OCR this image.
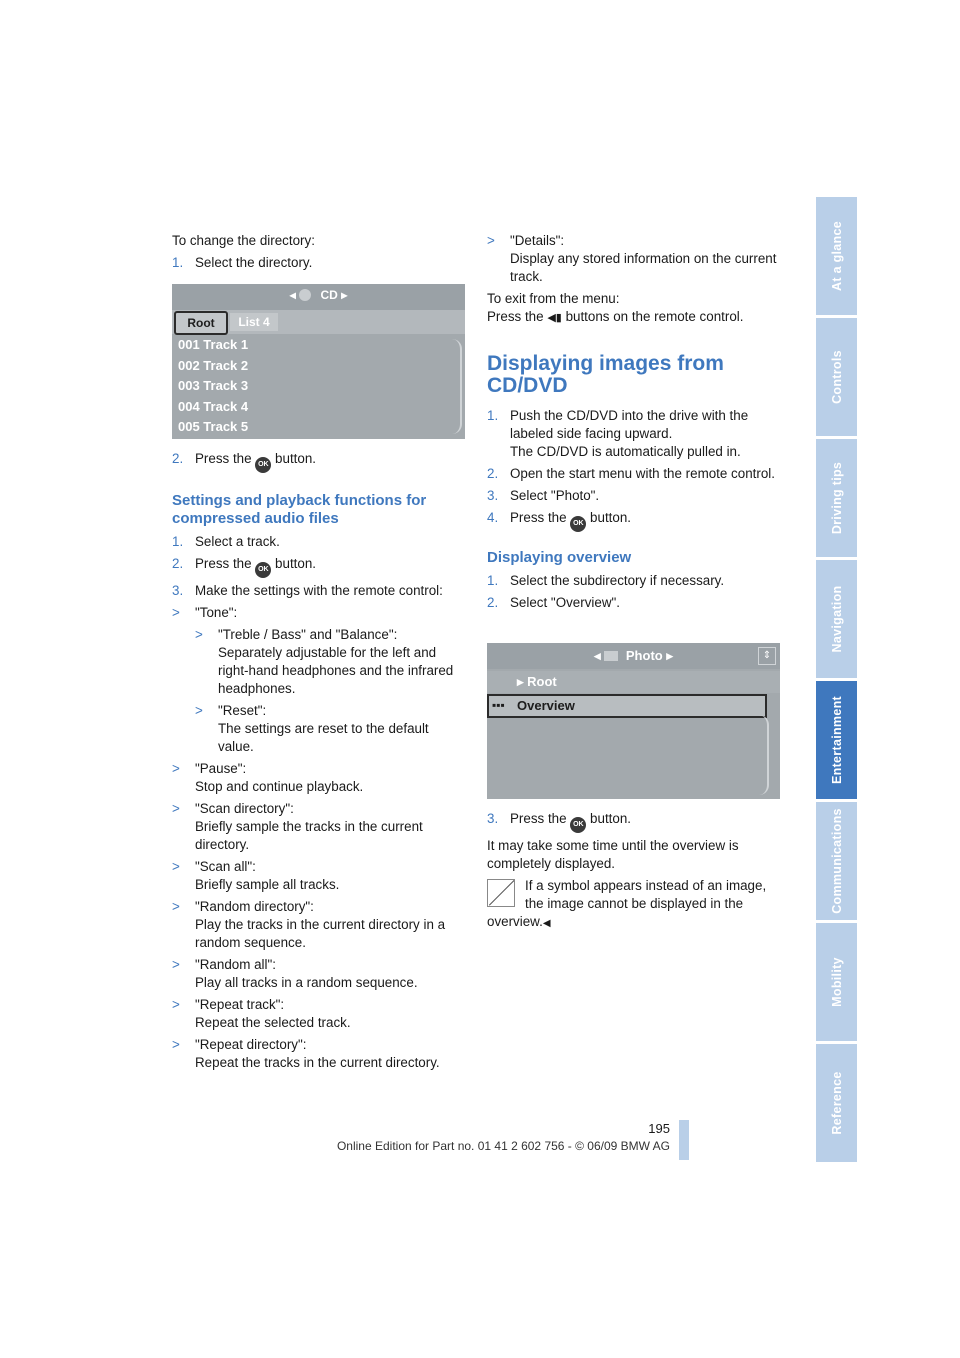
At a glance
Controls
Driving tips
Navigation
Entertainment
Communications
Mobility
Reference

To change the directory:

1. Select the directory.

◂ CD ▸
Root	List 4
001 Track 1
002 Track 2
003 Track 3
004 Track 4
005 Track 5

2. Press the OK button.

Settings and playback functions for compressed audio files

1. Select a track.

2. Press the OK button.

3. Make the settings with the remote control:

> "Tone":
> "Treble / Bass" and "Balance":
Separately adjustable for the left and right-hand headphones and the infrared headphones.
> "Reset":
The settings are reset to the default value.
> "Pause":
Stop and continue playback.
> "Scan directory":
Briefly sample the tracks in the current directory.
> "Scan all":
Briefly sample all tracks.
> "Random directory":
Play the tracks in the current directory in a random sequence.
> "Random all":
Play all tracks in a random sequence.
> "Repeat track":
Repeat the selected track.
> "Repeat directory":
Repeat the tracks in the current directory.
> "Details":
Display any stored information on the current track.

To exit from the menu:

Press the ◀▮ buttons on the remote control.

Displaying images from CD/DVD

1. Push the CD/DVD into the drive with the labeled side facing upward.
The CD/DVD is automatically pulled in.

2. Open the start menu with the remote control.

3. Select "Photo".

4. Press the OK button.

Displaying overview

1. Select the subdirectory if necessary.

2. Select "Overview".

◂ Photo ▸	⇕
▸ Root
▪▪▪ Overview

3. Press the OK button.

It may take some time until the overview is completely displayed.

If a symbol appears instead of an image, the image cannot be displayed in the overview.◀
195
Online Edition for Part no. 01 41 2 602 756 - © 06/09 BMW AG
